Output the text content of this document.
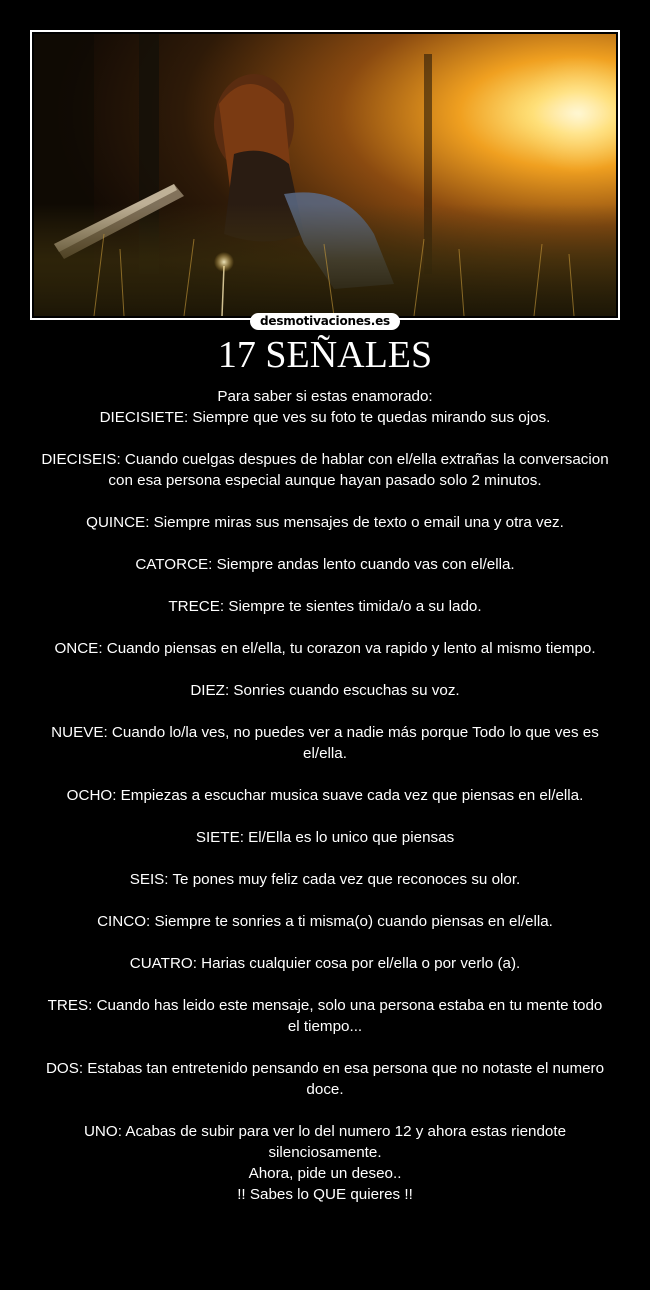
desmotivaciones.es
17 SEÑALES

Para saber si estas enamorado:
DIECISIETE: Siempre que ves su foto te quedas mirando sus ojos.

DIECISEIS: Cuando cuelgas despues de hablar con el/ella extrañas la conversacion con esa persona especial aunque hayan pasado solo 2 minutos.

QUINCE: Siempre miras sus mensajes de texto o email una y otra vez.

CATORCE: Siempre andas lento cuando vas con el/ella.

TRECE: Siempre te sientes timida/o a su lado.

ONCE: Cuando piensas en el/ella, tu corazon va rapido y lento al mismo tiempo.

DIEZ: Sonries cuando escuchas su voz.

NUEVE: Cuando lo/la ves, no puedes ver a nadie más porque Todo lo que ves es el/ella.

OCHO: Empiezas a escuchar musica suave cada vez que piensas en el/ella.

SIETE: El/Ella es lo unico que piensas

SEIS: Te pones muy feliz cada vez que reconoces su olor.

CINCO: Siempre te sonries a ti misma(o) cuando piensas en el/ella.

CUATRO: Harias cualquier cosa por el/ella o por verlo (a).

TRES: Cuando has leido este mensaje, solo una persona estaba en tu mente todo el tiempo...

DOS: Estabas tan entretenido pensando en esa persona que no notaste el numero doce.

UNO: Acabas de subir para ver lo del numero 12 y ahora estas riendote silenciosamente.
Ahora, pide un deseo..
!! Sabes lo QUE quieres !!
